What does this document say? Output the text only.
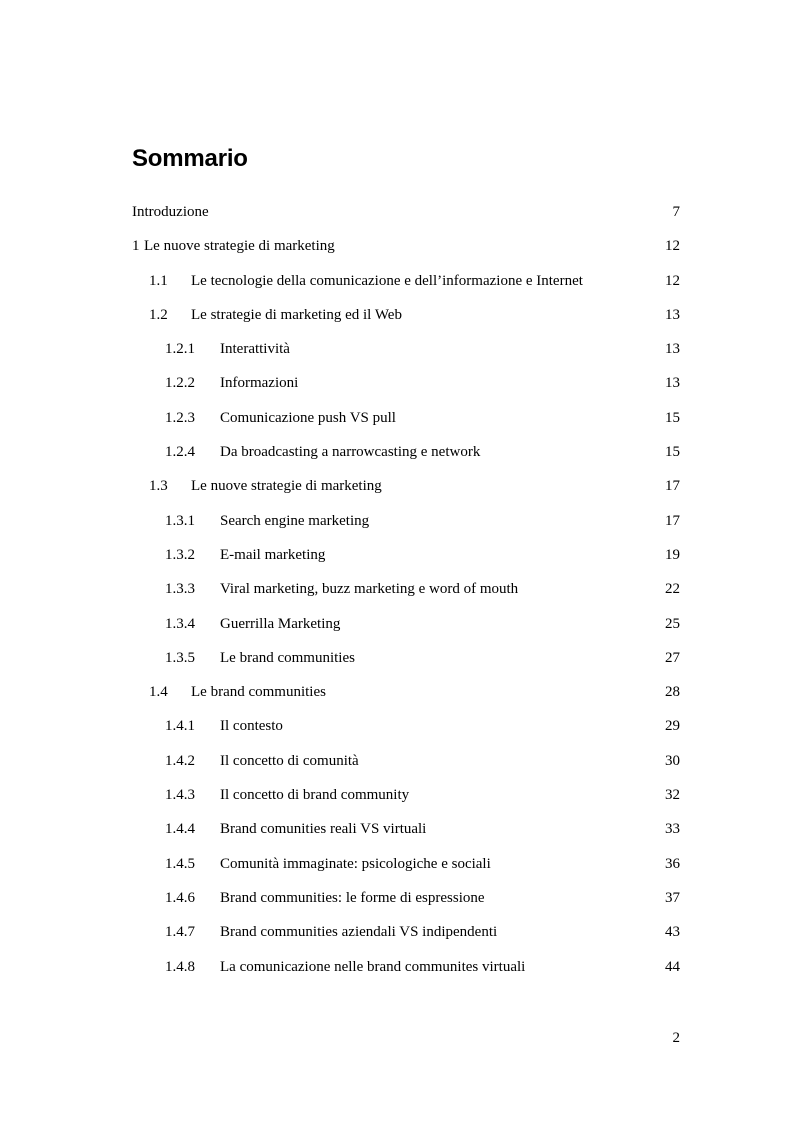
Sommario
Introduzione	7
1 Le nuove strategie di marketing	12
1.1 Le tecnologie della comunicazione e dell’informazione e Internet	12
1.2 Le strategie di marketing ed il Web	13
1.2.1 Interattività	13
1.2.2 Informazioni	13
1.2.3 Comunicazione push VS pull	15
1.2.4 Da broadcasting a narrowcasting e network	15
1.3 Le nuove strategie di marketing	17
1.3.1 Search engine marketing	17
1.3.2 E-mail marketing	19
1.3.3 Viral marketing, buzz marketing e word of mouth	22
1.3.4 Guerrilla Marketing	25
1.3.5 Le brand communities	27
1.4 Le brand communities	28
1.4.1 Il contesto	29
1.4.2 Il concetto di comunità	30
1.4.3 Il concetto di brand community	32
1.4.4 Brand comunities reali VS virtuali	33
1.4.5 Comunità immaginate: psicologiche e sociali	36
1.4.6 Brand communities: le forme di espressione	37
1.4.7 Brand communities aziendali VS indipendenti	43
1.4.8 La comunicazione nelle brand communites virtuali	44
2
